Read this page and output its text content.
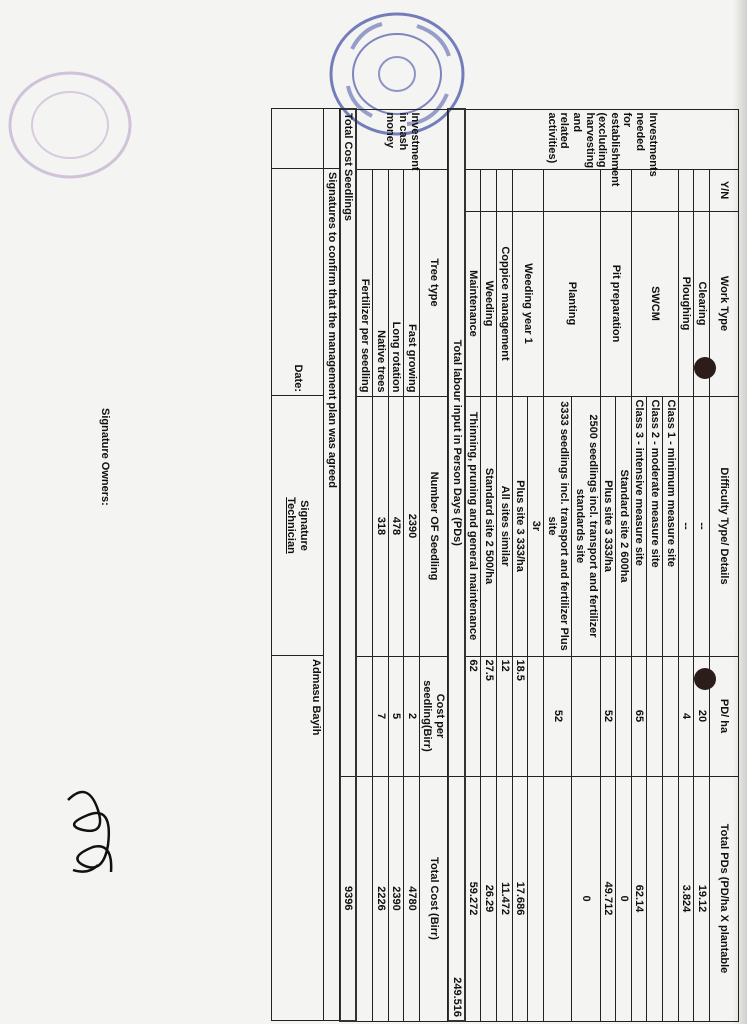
Investments needed for establishment (excluding harvesting and related activities)	Y/N	Work Type	Difficulty Type/ Details	PD/ ha	Total PDs (PD/ha X plantable
		Clearing	--	20	19.12
		Ploughing	--	4	3.824
		SWCM	Class 1 - minimum measure site		
			Class 2 - moderate measure site		
			Class 3 - intensive measure site	65	62.14
		Pit preparation	Standard site 2 600ha		0
			Plus site 3 333/ha	52	49.712
		Planting	2500 seedlings incl. transport and fertilizer standards site		0
			3333 seedlings incl. transport and fertilizer Plus site	52	
		Weeding year 1	3r		
			Plus site 3 333/ha	18.5	17.686
		Coppice management	All sites similar	12	11.472
		Weeding	Standard site 2 500/ha	27.5	26.29
		Maintenance	Thinning, pruning and general maintenance	62	59.272
Total labour input in Person Days (PDs)					249.516
Investment in cash money	Tree type	Number OF Seedling	Cost per seedling(Birr)	Total Cost (Birr)
	Fast growing	2390	2	4780
	Long rotation	478	5	2390
	Native trees	318	7	2226
	Fertilizer per seedling			
Total Cost Seedlings				9396
	Signatures to confirm that the management plan was agreed		
	Date:	Signature
Technician	Admasu Bayih
Signature Owners:
